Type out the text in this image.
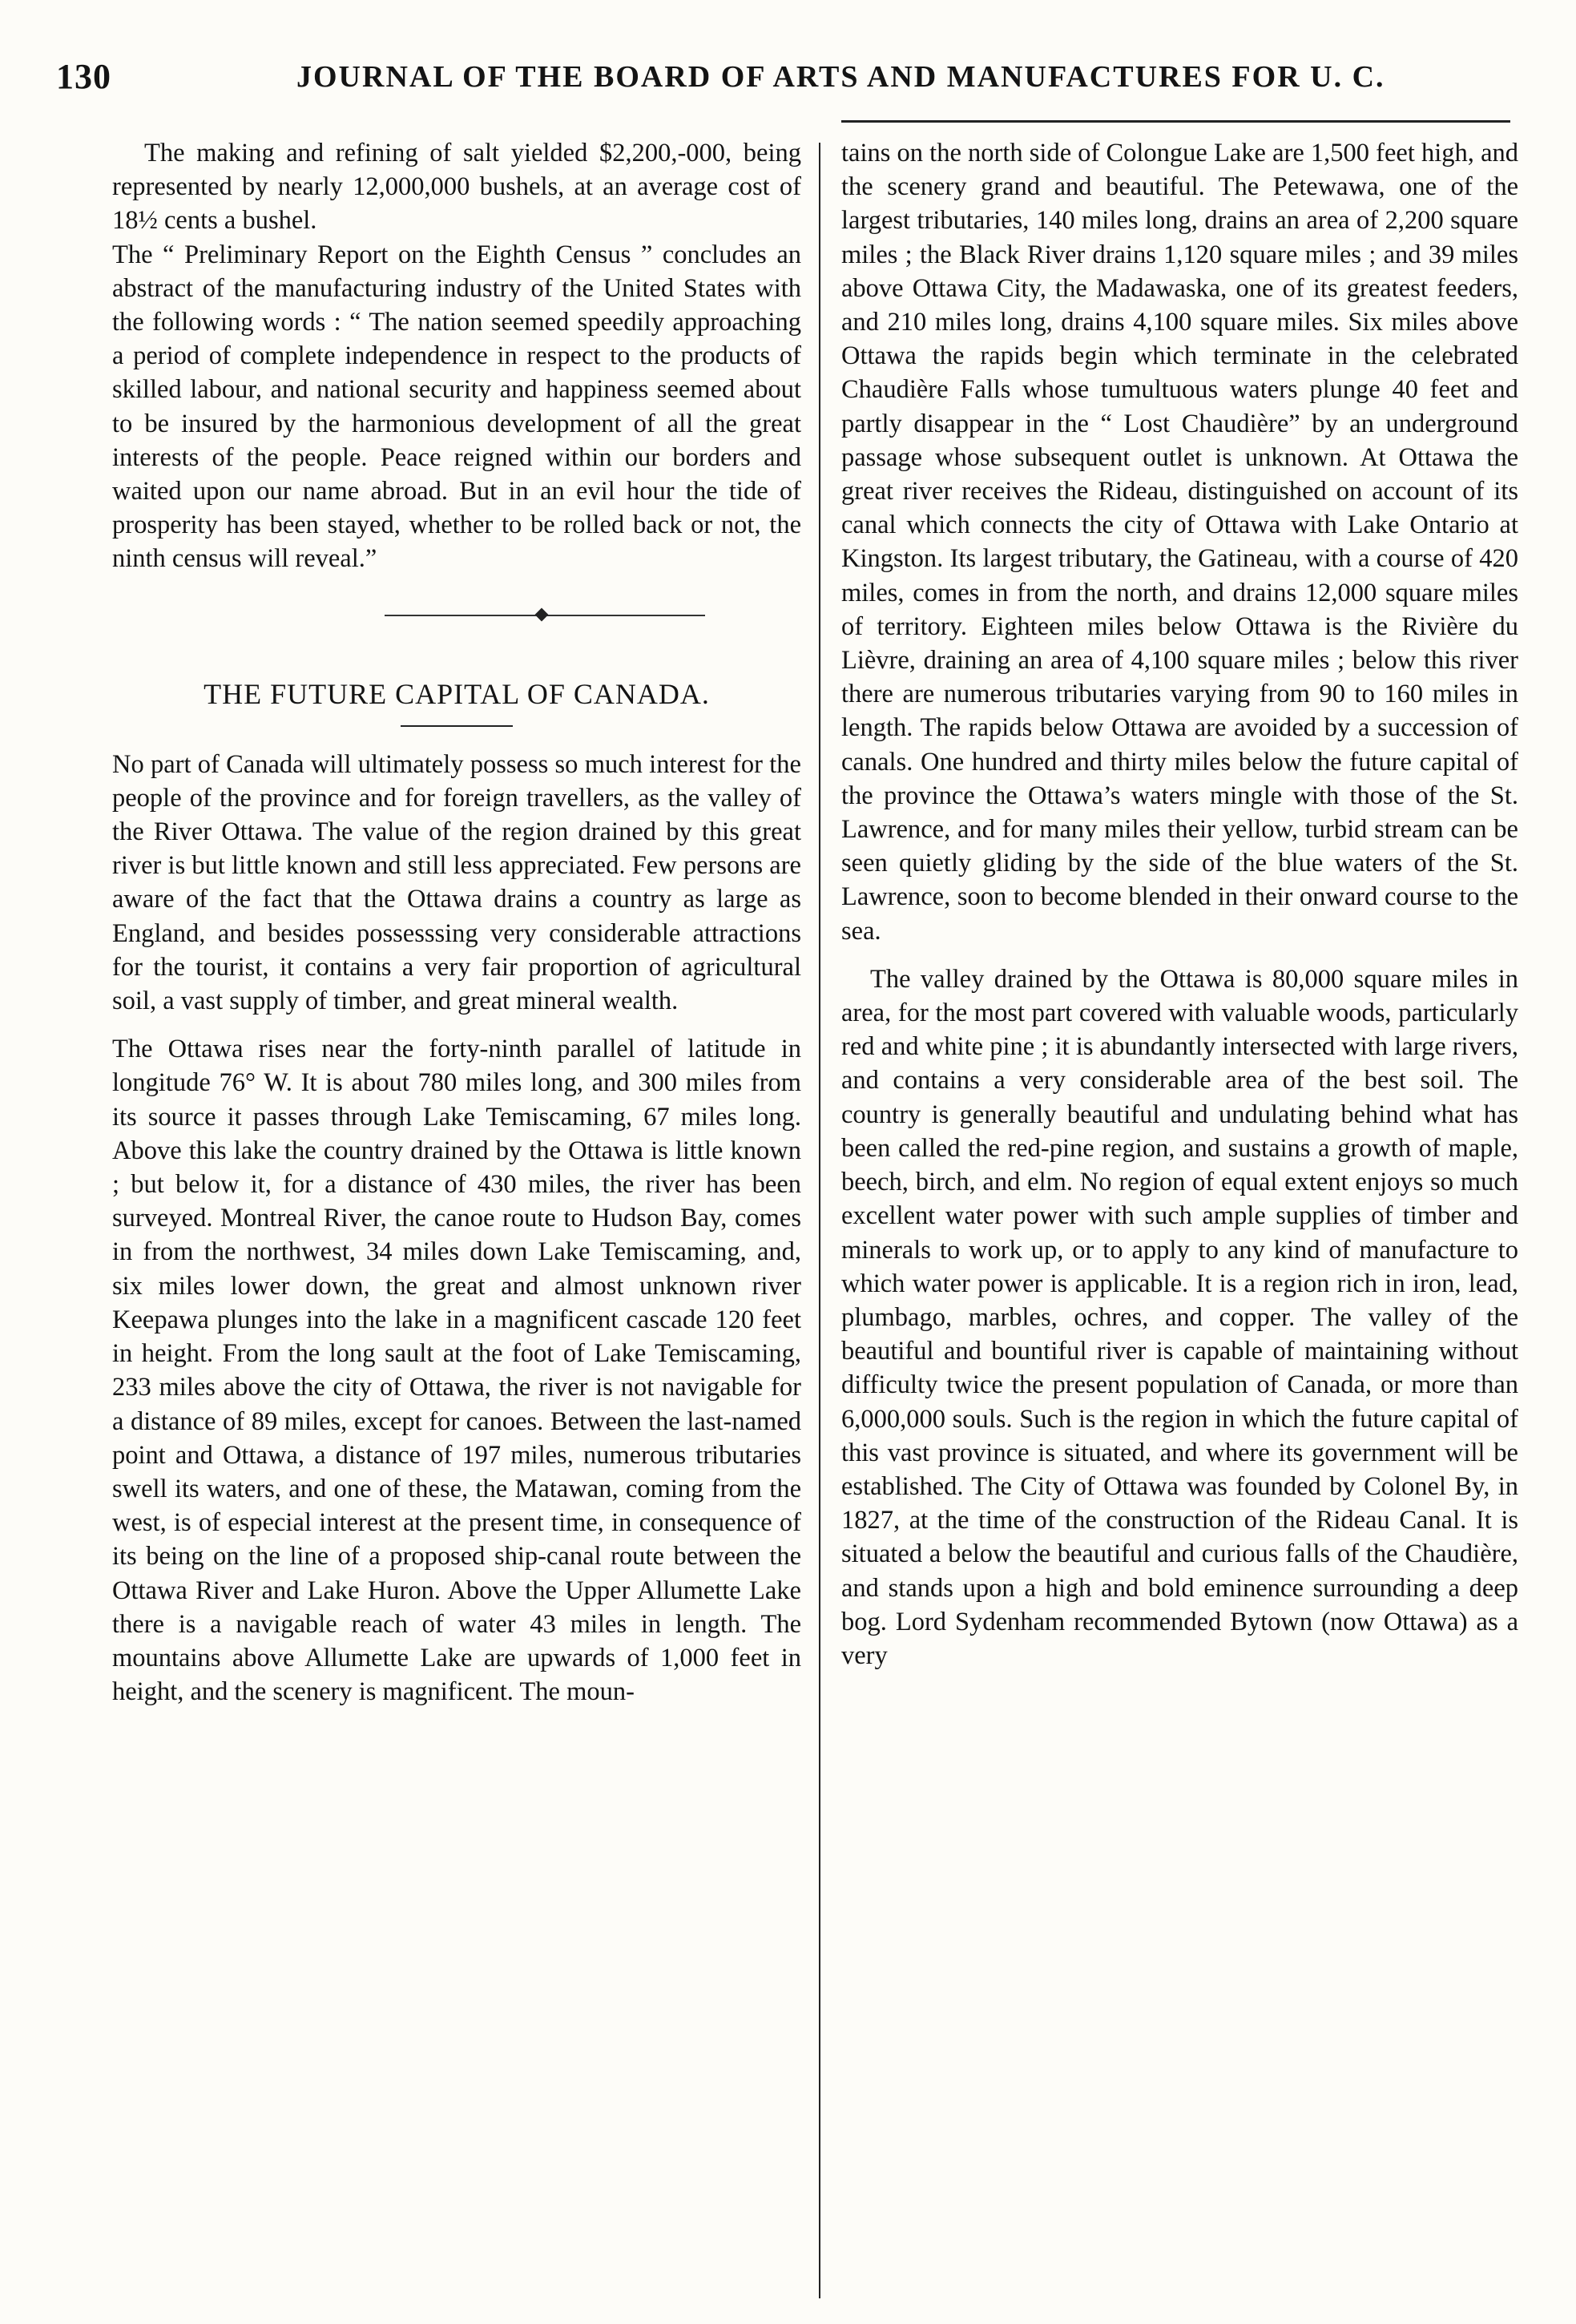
130	JOURNAL OF THE BOARD OF ARTS AND MANUFACTURES FOR U. C.

The making and refining of salt yielded $2,200,-000, being represented by nearly 12,000,000 bushels, at an average cost of 18½ cents a bushel.

The “ Preliminary Report on the Eighth Census ” concludes an abstract of the manufacturing industry of the United States with the following words : “ The nation seemed speedily approaching a period of complete independence in respect to the products of skilled labour, and national security and happiness seemed about to be insured by the harmonious development of all the great interests of the people. Peace reigned within our borders and waited upon our name abroad. But in an evil hour the tide of prosperity has been stayed, whether to be rolled back or not, the ninth census will reveal.”

THE FUTURE CAPITAL OF CANADA.

No part of Canada will ultimately possess so much interest for the people of the province and for foreign travellers, as the valley of the River Ottawa. The value of the region drained by this great river is but little known and still less appreciated. Few persons are aware of the fact that the Ottawa drains a country as large as England, and besides possesssing very considerable attractions for the tourist, it contains a very fair proportion of agricultural soil, a vast supply of timber, and great mineral wealth.

The Ottawa rises near the forty-ninth parallel of latitude in longitude 76° W. It is about 780 miles long, and 300 miles from its source it passes through Lake Temiscaming, 67 miles long. Above this lake the country drained by the Ottawa is little known ; but below it, for a distance of 430 miles, the river has been surveyed. Montreal River, the canoe route to Hudson Bay, comes in from the northwest, 34 miles down Lake Temiscaming, and, six miles lower down, the great and almost unknown river Keepawa plunges into the lake in a magnificent cascade 120 feet in height. From the long sault at the foot of Lake Temiscaming, 233 miles above the city of Ottawa, the river is not navigable for a distance of 89 miles, except for canoes. Between the last-named point and Ottawa, a distance of 197 miles, numerous tributaries swell its waters, and one of these, the Matawan, coming from the west, is of especial interest at the present time, in consequence of its being on the line of a proposed ship-canal route between the Ottawa River and Lake Huron. Above the Upper Allumette Lake there is a navigable reach of water 43 miles in length. The mountains above Allumette Lake are upwards of 1,000 feet in height, and the scenery is magnificent. The moun-

tains on the north side of Colongue Lake are 1,500 feet high, and the scenery grand and beautiful. The Petewawa, one of the largest tributaries, 140 miles long, drains an area of 2,200 square miles ; the Black River drains 1,120 square miles ; and 39 miles above Ottawa City, the Madawaska, one of its greatest feeders, and 210 miles long, drains 4,100 square miles. Six miles above Ottawa the rapids begin which terminate in the celebrated Chaudière Falls whose tumultuous waters plunge 40 feet and partly disappear in the “ Lost Chaudière” by an underground passage whose subsequent outlet is unknown. At Ottawa the great river receives the Rideau, distinguished on account of its canal which connects the city of Ottawa with Lake Ontario at Kingston. Its largest tributary, the Gatineau, with a course of 420 miles, comes in from the north, and drains 12,000 square miles of territory. Eighteen miles below Ottawa is the Rivière du Lièvre, draining an area of 4,100 square miles ; below this river there are numerous tributaries varying from 90 to 160 miles in length. The rapids below Ottawa are avoided by a succession of canals. One hundred and thirty miles below the future capital of the province the Ottawa’s waters mingle with those of the St. Lawrence, and for many miles their yellow, turbid stream can be seen quietly gliding by the side of the blue waters of the St. Lawrence, soon to become blended in their onward course to the sea.

The valley drained by the Ottawa is 80,000 square miles in area, for the most part covered with valuable woods, particularly red and white pine ; it is abundantly intersected with large rivers, and contains a very considerable area of the best soil. The country is generally beautiful and undulating behind what has been called the red-pine region, and sustains a growth of maple, beech, birch, and elm. No region of equal extent enjoys so much excellent water power with such ample supplies of timber and minerals to work up, or to apply to any kind of manufacture to which water power is applicable. It is a region rich in iron, lead, plumbago, marbles, ochres, and copper. The valley of the beautiful and bountiful river is capable of maintaining without difficulty twice the present population of Canada, or more than 6,000,000 souls. Such is the region in which the future capital of this vast province is situated, and where its government will be established. The City of Ottawa was founded by Colonel By, in 1827, at the time of the construction of the Rideau Canal. It is situated a below the beautiful and curious falls of the Chaudière, and stands upon a high and bold eminence surrounding a deep bog. Lord Sydenham recommended Bytown (now Ottawa) as a very
